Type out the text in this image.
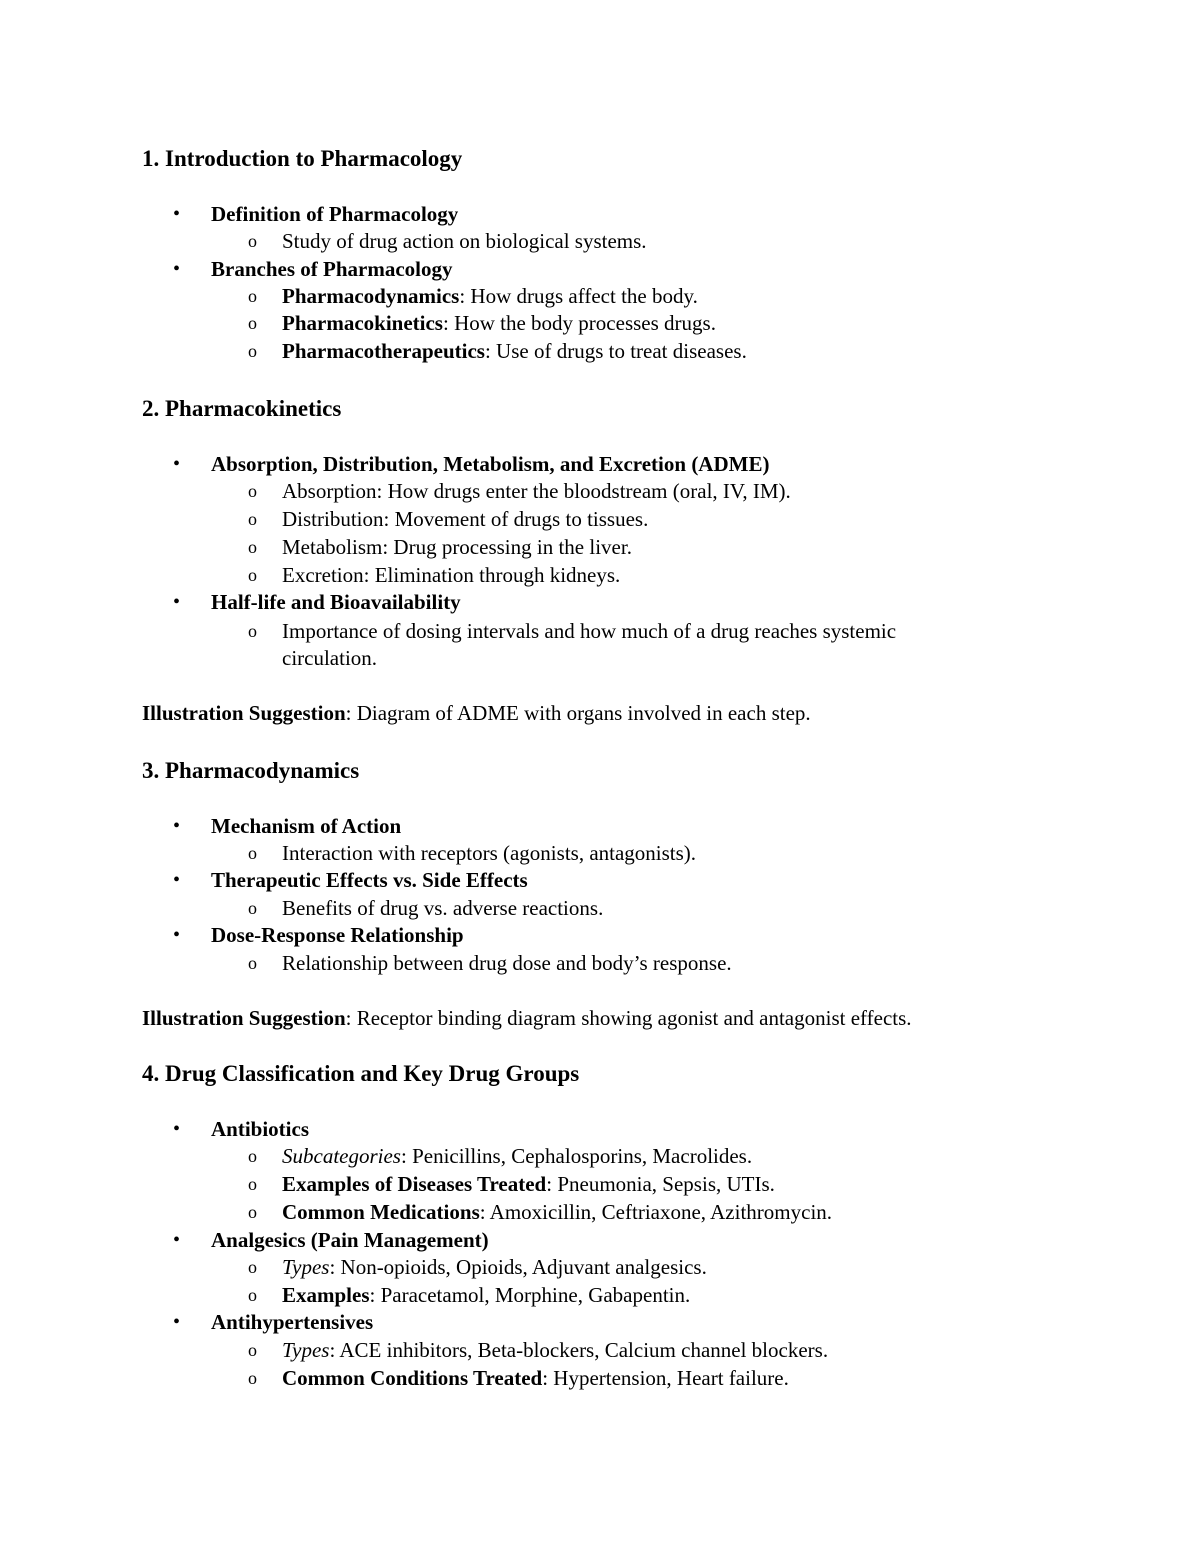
1. Introduction to Pharmacology
• Definition of Pharmacology
o Study of drug action on biological systems.
• Branches of Pharmacology
o Pharmacodynamics: How drugs affect the body.
o Pharmacokinetics: How the body processes drugs.
o Pharmacotherapeutics: Use of drugs to treat diseases.
2. Pharmacokinetics
• Absorption, Distribution, Metabolism, and Excretion (ADME)
o Absorption: How drugs enter the bloodstream (oral, IV, IM).
o Distribution: Movement of drugs to tissues.
o Metabolism: Drug processing in the liver.
o Excretion: Elimination through kidneys.
• Half-life and Bioavailability
o Importance of dosing intervals and how much of a drug reaches systemic
circulation.
Illustration Suggestion: Diagram of ADME with organs involved in each step.
3. Pharmacodynamics
• Mechanism of Action
o Interaction with receptors (agonists, antagonists).
• Therapeutic Effects vs. Side Effects
o Benefits of drug vs. adverse reactions.
• Dose-Response Relationship
o Relationship between drug dose and body’s response.
Illustration Suggestion: Receptor binding diagram showing agonist and antagonist effects.
4. Drug Classification and Key Drug Groups
• Antibiotics
o Subcategories: Penicillins, Cephalosporins, Macrolides.
o Examples of Diseases Treated: Pneumonia, Sepsis, UTIs.
o Common Medications: Amoxicillin, Ceftriaxone, Azithromycin.
• Analgesics (Pain Management)
o Types: Non-opioids, Opioids, Adjuvant analgesics.
o Examples: Paracetamol, Morphine, Gabapentin.
• Antihypertensives
o Types: ACE inhibitors, Beta-blockers, Calcium channel blockers.
o Common Conditions Treated: Hypertension, Heart failure.
